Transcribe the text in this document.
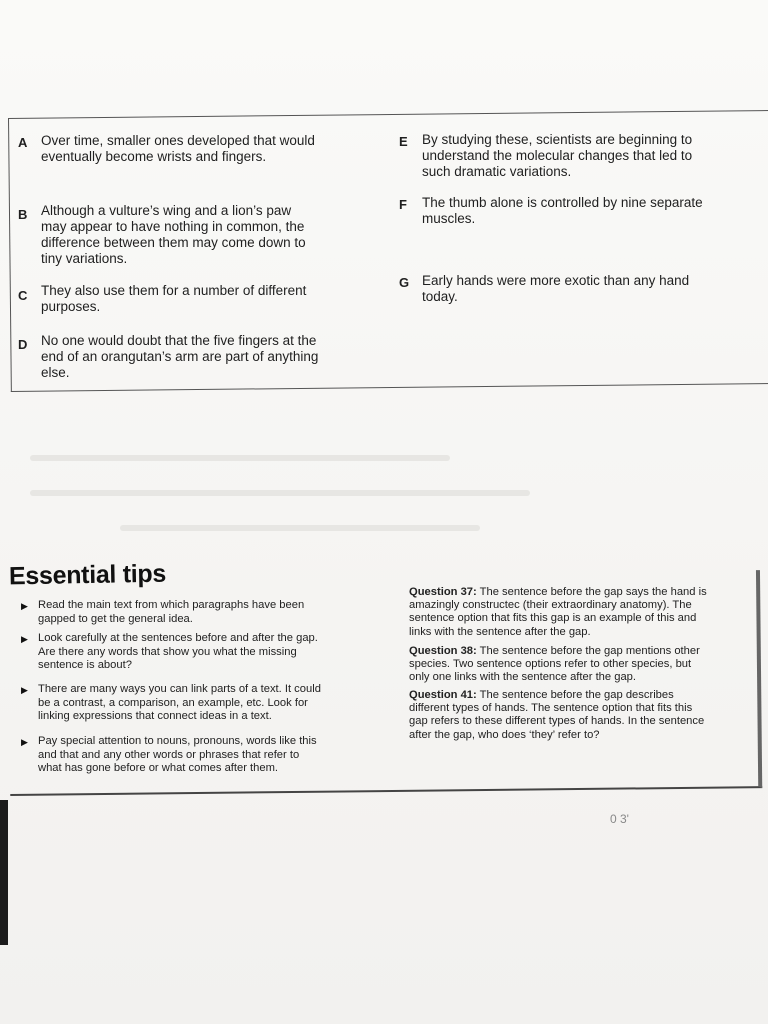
A Over time, smaller ones developed that would
eventually become wrists and fingers.
B Although a vulture’s wing and a lion’s paw
may appear to have nothing in common, the
difference between them may come down to
tiny variations.
C They also use them for a number of different
purposes.
D No one would doubt that the five fingers at the
end of an orangutan’s arm are part of anything
else.
E By studying these, scientists are beginning to
understand the molecular changes that led to
such dramatic variations.
F The thumb alone is controlled by nine separate
muscles.
G Early hands were more exotic than any hand
today.
Essential tips
▶ Read the main text from which paragraphs have been
gapped to get the general idea.
▶ Look carefully at the sentences before and after the gap.
Are there any words that show you what the missing
sentence is about?
▶ There are many ways you can link parts of a text. It could
be a contrast, a comparison, an example, etc. Look for
linking expressions that connect ideas in a text.
▶ Pay special attention to nouns, pronouns, words like this
and that and any other words or phrases that refer to
what has gone before or what comes after them.
Question 37: The sentence before the gap says the hand is
amazingly constructec (their extraordinary anatomy). The
sentence option that fits this gap is an example of this and
links with the sentence after the gap.
Question 38: The sentence before the gap mentions other
species. Two sentence options refer to other species, but
only one links with the sentence after the gap.
Question 41: The sentence before the gap describes
different types of hands. The sentence option that fits this
gap refers to these different types of hands. In the sentence
after the gap, who does ‘they’ refer to?
0 3'
